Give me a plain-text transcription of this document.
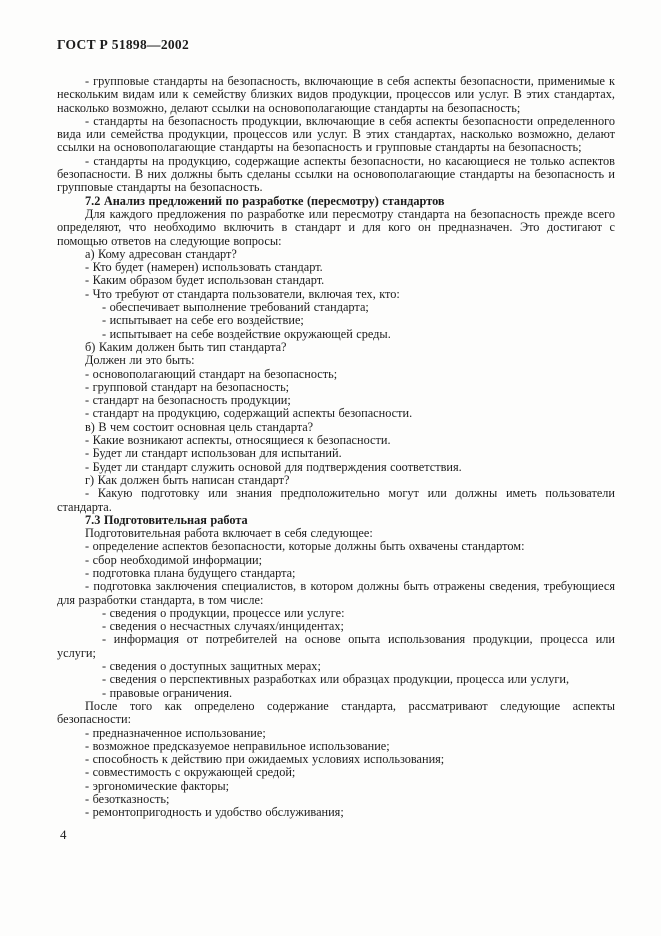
ГОСТ Р 51898—2002

- групповые стандарты на безопасность, включающие в себя аспекты безопасности, применимые к нескольким видам или к семейству близких видов продукции, процессов или услуг. В этих стандартах, насколько возможно, делают ссылки на основополагающие стандарты на безопасность;

- стандарты на безопасность продукции, включающие в себя аспекты безопасности определенного вида или семейства продукции, процессов или услуг. В этих стандартах, насколько возможно, делают ссылки на основополагающие стандарты на безопасность и групповые стандарты на безопасность;

- стандарты на продукцию, содержащие аспекты безопасности, но касающиеся не только аспектов безопасности. В них должны быть сделаны ссылки на основополагающие стандарты на безопасность и групповые стандарты на безопасность.

7.2 Анализ предложений по разработке (пересмотру) стандартов

Для каждого предложения по разработке или пересмотру стандарта на безопасность прежде всего определяют, что необходимо включить в стандарт и для кого он предназначен. Это достигают с помощью ответов на следующие вопросы:

а) Кому адресован стандарт?

- Кто будет (намерен) использовать стандарт.

- Каким образом будет использован стандарт.

- Что требуют от стандарта пользователи, включая тех, кто:

- обеспечивает выполнение требований стандарта;

- испытывает на себе его воздействие;

- испытывает на себе воздействие окружающей среды.

б) Каким должен быть тип стандарта?

Должен ли это быть:

- основополагающий стандарт на безопасность;

- групповой стандарт на безопасность;

- стандарт на безопасность продукции;

- стандарт на продукцию, содержащий аспекты безопасности.

в) В чем состоит основная цель стандарта?

- Какие возникают аспекты, относящиеся к безопасности.

- Будет ли стандарт использован для испытаний.

- Будет ли стандарт служить основой для подтверждения соответствия.

г) Как должен быть написан стандарт?

- Какую подготовку или знания предположительно могут или должны иметь пользователи стандарта.

7.3 Подготовительная работа

Подготовительная работа включает в себя следующее:

- определение аспектов безопасности, которые должны быть охвачены стандартом:

- сбор необходимой информации;

- подготовка плана будущего стандарта;

- подготовка заключения специалистов, в котором должны быть отражены сведения, требующиеся для разработки стандарта, в том числе:

- сведения о продукции, процессе или услуге:

- сведения о несчастных случаях/инцидентах;

- информация от потребителей на основе опыта использования продукции, процесса или услуги;

- сведения о доступных защитных мерах;

- сведения о перспективных разработках или образцах продукции, процесса или услуги,

- правовые ограничения.

После того как определено содержание стандарта, рассматривают следующие аспекты безопасности:

- предназначенное использование;

- возможное предсказуемое неправильное использование;

- способность к действию при ожидаемых условиях использования;

- совместимость с окружающей средой;

- эргономические факторы;

- безотказность;

- ремонтопригодность и удобство обслуживания;

4
